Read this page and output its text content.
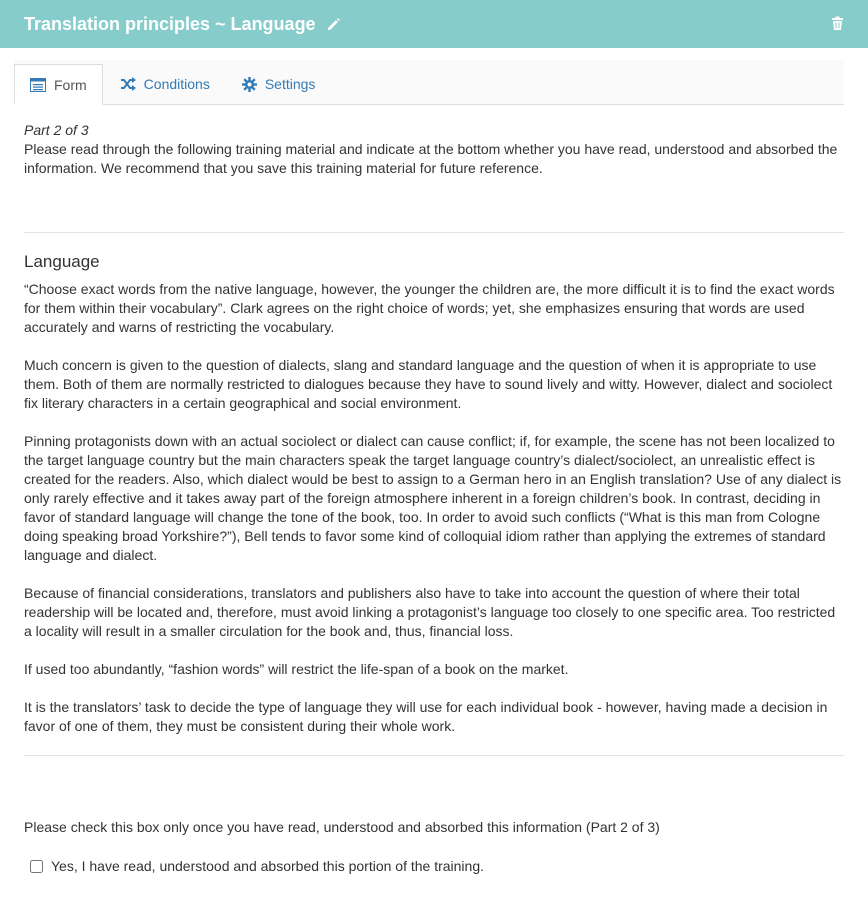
Translation principles ~ Language
Form	Conditions	Settings
Part 2 of 3

Please read through the following training material and indicate at the bottom whether you have read, understood and absorbed the information. We recommend that you save this training material for future reference.

Language

“Choose exact words from the native language, however, the younger the children are, the more difficult it is to find the exact words for them within their vocabulary”. Clark agrees on the right choice of words; yet, she emphasizes ensuring that words are used accurately and warns of restricting the vocabulary.

Much concern is given to the question of dialects, slang and standard language and the question of when it is appropriate to use them. Both of them are normally restricted to dialogues because they have to sound lively and witty. However, dialect and sociolect fix literary characters in a certain geographical and social environment.

Pinning protagonists down with an actual sociolect or dialect can cause conflict; if, for example, the scene has not been localized to the target language country but the main characters speak the target language country’s dialect/sociolect, an unrealistic effect is created for the readers. Also, which dialect would be best to assign to a German hero in an English translation? Use of any dialect is only rarely effective and it takes away part of the foreign atmosphere inherent in a foreign children’s book. In contrast, deciding in favor of standard language will change the tone of the book, too. In order to avoid such conflicts (“What is this man from Cologne doing speaking broad Yorkshire?”), Bell tends to favor some kind of colloquial idiom rather than applying the extremes of standard language and dialect.

Because of financial considerations, translators and publishers also have to take into account the question of where their total readership will be located and, therefore, must avoid linking a protagonist’s language too closely to one specific area. Too restricted a locality will result in a smaller circulation for the book and, thus, financial loss.

If used too abundantly, “fashion words” will restrict the life-span of a book on the market.

It is the translators’ task to decide the type of language they will use for each individual book - however, having made a decision in favor of one of them, they must be consistent during their whole work.

Please check this box only once you have read, understood and absorbed this information (Part 2 of 3)

Yes, I have read, understood and absorbed this portion of the training.
